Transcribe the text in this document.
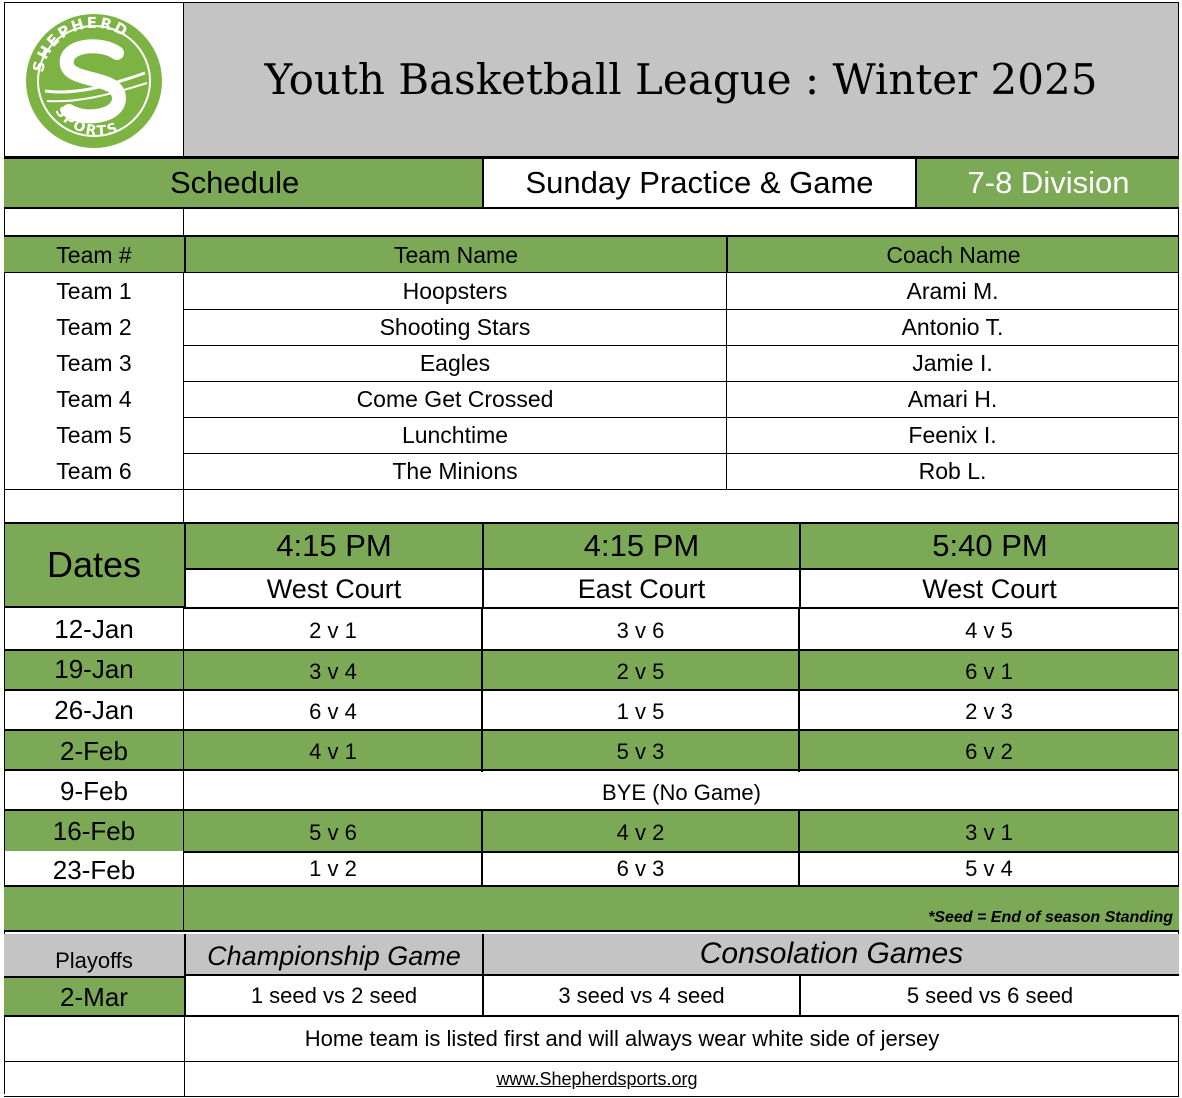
SHEPHERD
SPORTS
Youth Basketball League : Winter 2025
Schedule	Sunday Practice & Game	7-8 Division
Team #	Team Name	Coach Name
Team 1	Hoopsters	Arami M.
Team 2	Shooting Stars	Antonio T.
Team 3	Eagles	Jamie I.
Team 4	Come Get Crossed	Amari H.
Team 5	Lunchtime	Feenix I.
Team 6	The Minions	Rob L.
Dates	4:15 PM	4:15 PM	5:40 PM
West Court	East Court	West Court
12-Jan	2 v 1	3 v 6	4 v 5
19-Jan	3 v 4	2 v 5	6 v 1
26-Jan	6 v 4	1 v 5	2 v 3
2-Feb	4 v 1	5 v 3	6 v 2
9-Feb	BYE (No Game)
16-Feb	5 v 6	4 v 2	3 v 1
23-Feb	1 v 2	6 v 3	5 v 4
*Seed = End of season Standing
Playoffs	Championship Game	Consolation Games
2-Mar	1 seed vs 2 seed	3 seed vs 4 seed	5 seed vs 6 seed
Home team is listed first and will always wear white side of jersey
www.Shepherdsports.org
